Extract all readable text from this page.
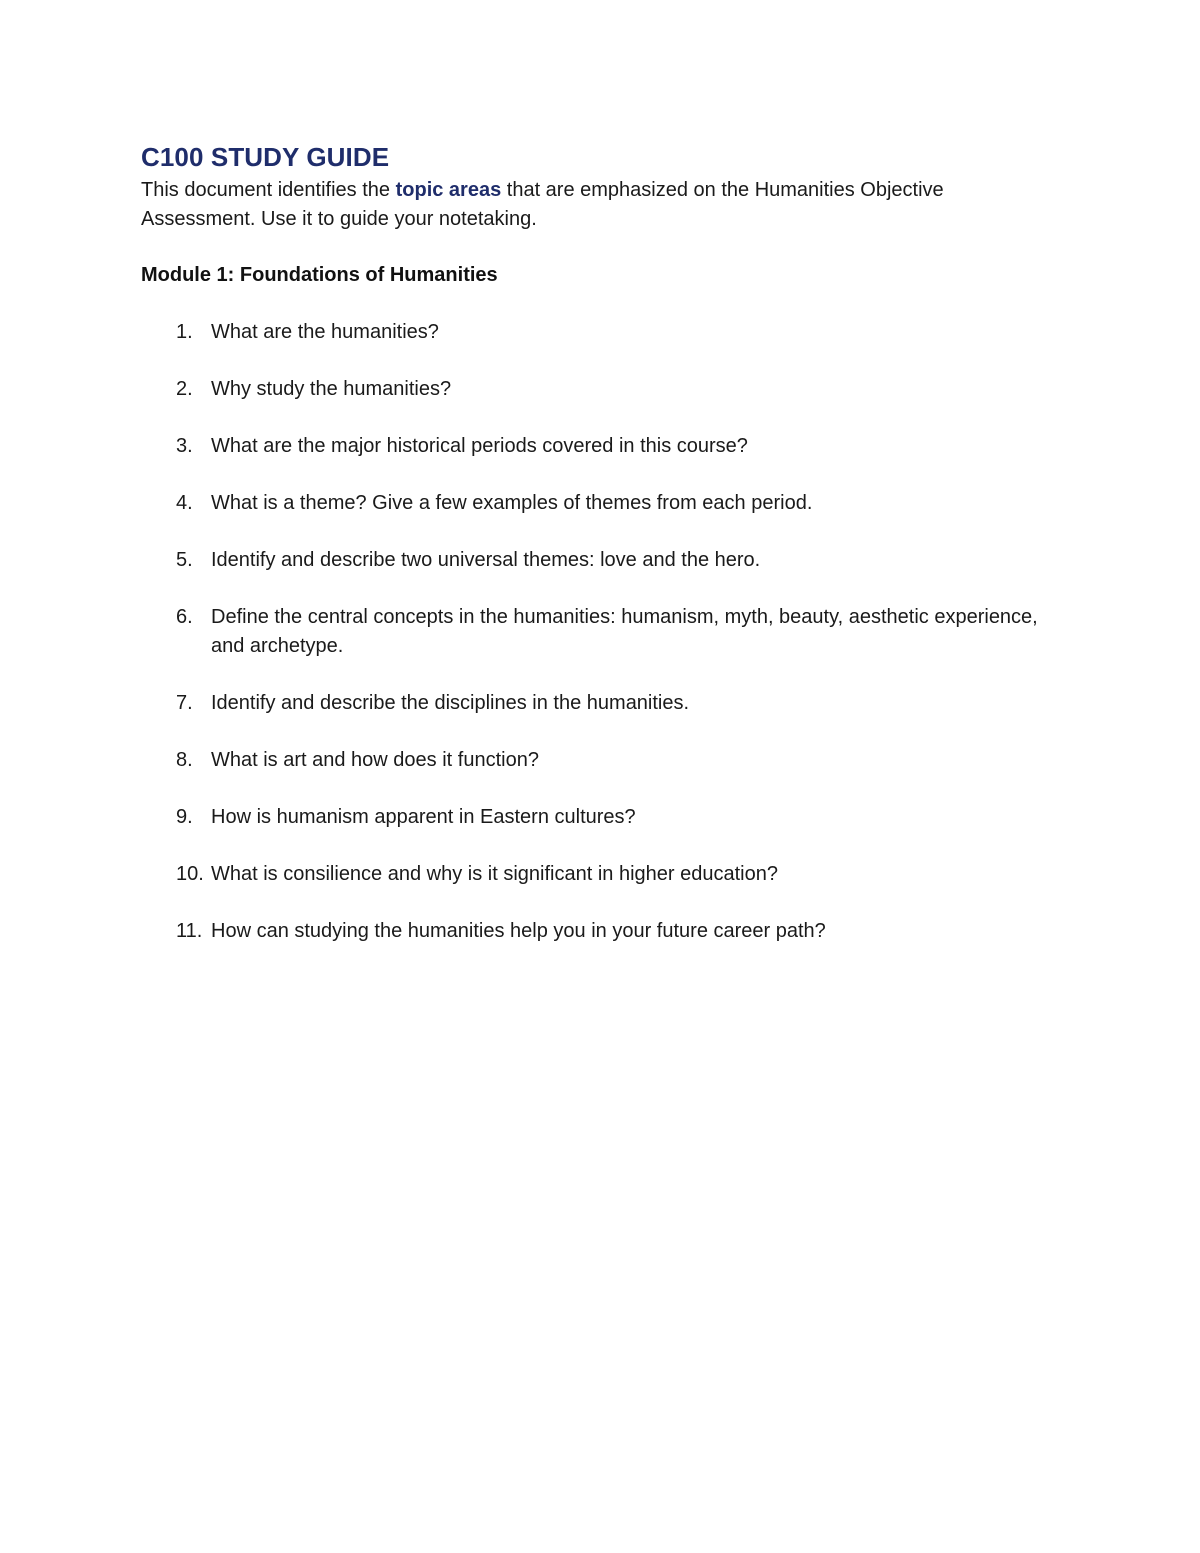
C100 STUDY GUIDE

This document identifies the topic areas that are emphasized on the Humanities Objective Assessment. Use it to guide your notetaking.

Module 1: Foundations of Humanities

1. What are the humanities?
2. Why study the humanities?
3. What are the major historical periods covered in this course?
4. What is a theme? Give a few examples of themes from each period.
5. Identify and describe two universal themes: love and the hero.
6. Define the central concepts in the humanities: humanism, myth, beauty, aesthetic experience, and archetype.
7. Identify and describe the disciplines in the humanities.
8. What is art and how does it function?
9. How is humanism apparent in Eastern cultures?
10. What is consilience and why is it significant in higher education?
11. How can studying the humanities help you in your future career path?
